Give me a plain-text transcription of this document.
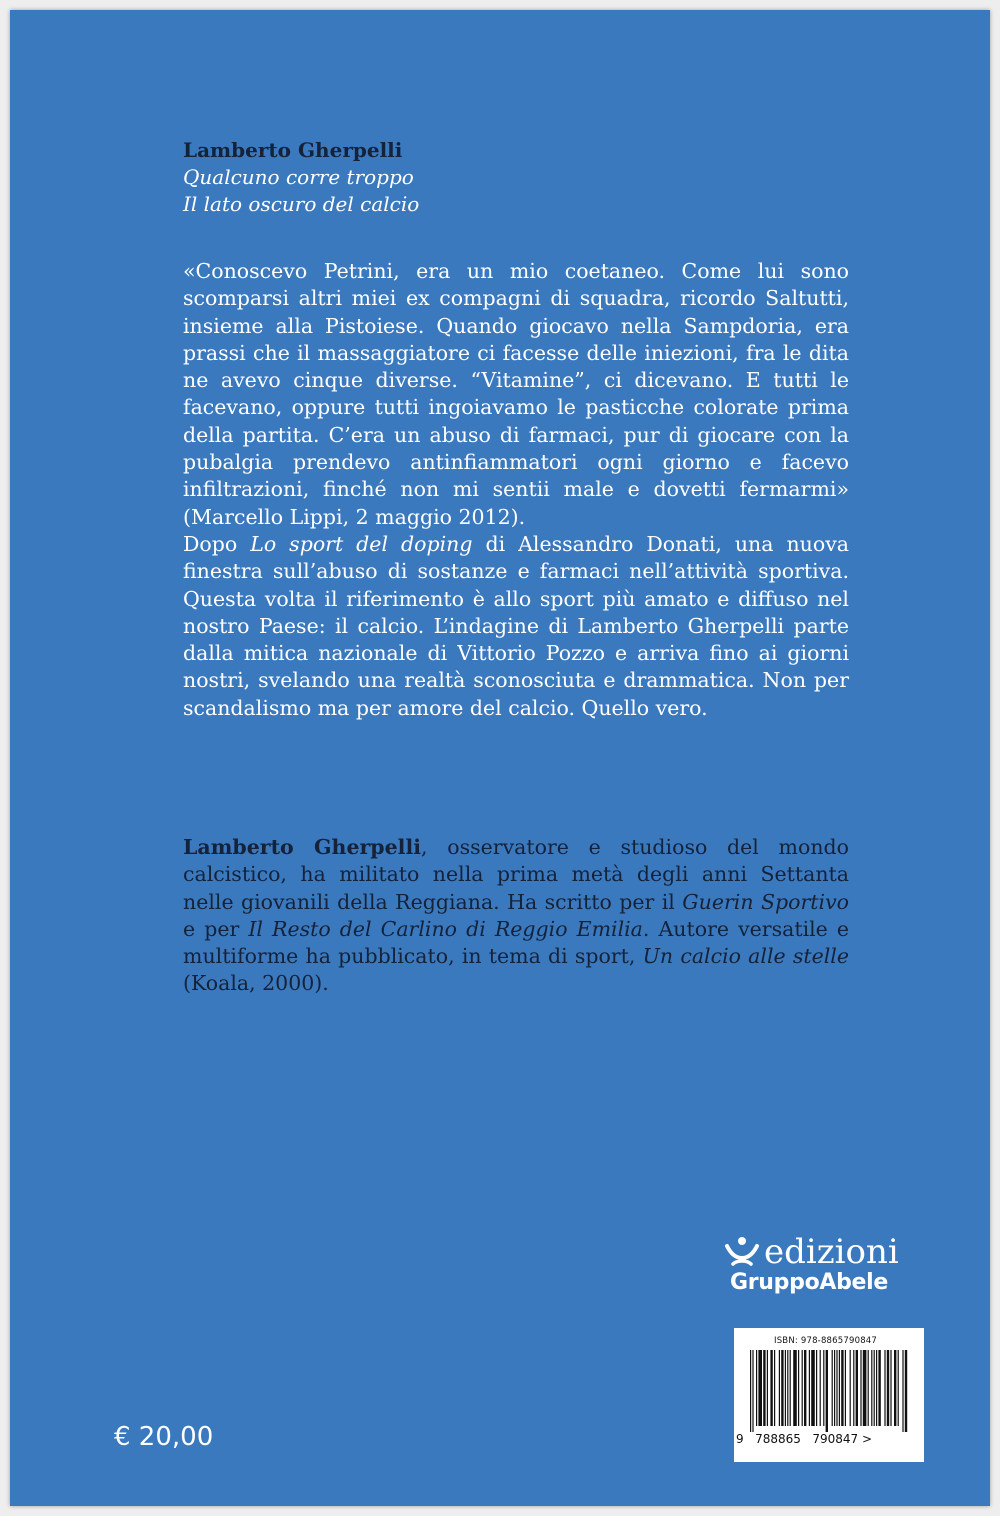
Lamberto Gherpelli
Qualcuno corre troppo
Il lato oscuro del calcio

«Conoscevo Petrini, era un mio coetaneo. Come lui sono scomparsi altri miei ex compagni di squadra, ricordo Saltutti, insieme alla Pistoiese. Quando giocavo nella Sampdoria, era prassi che il massaggiatore ci facesse delle iniezioni, fra le dita ne avevo cinque diverse. “Vitamine”, ci dicevano. E tutti le facevano, oppure tutti ingoiavamo le pasticche colorate prima della partita. C’era un abuso di farmaci, pur di giocare con la pubalgia prendevo antinfiammatori ogni giorno e facevo infiltrazioni, finché non mi sentii male e dovetti fermarmi» (Marcello Lippi, 2 maggio 2012).

Dopo Lo sport del doping di Alessandro Donati, una nuova finestra sull’abuso di sostanze e farmaci nell’attività sportiva. Questa volta il riferimento è allo sport più amato e diffuso nel nostro Paese: il calcio. L’indagine di Lamberto Gherpelli parte dalla mitica nazionale di Vittorio Pozzo e arriva fino ai giorni nostri, svelando una realtà sconosciuta e drammatica. Non per scandalismo ma per amore del calcio. Quello vero.

Lamberto Gherpelli, osservatore e studioso del mondo calcistico, ha militato nella prima metà degli anni Settanta nelle giovanili della Reggiana. Ha scritto per il Guerin Sportivo e per Il Resto del Carlino di Reggio Emilia. Autore versatile e multiforme ha pubblicato, in tema di sport, Un calcio alle stelle (Koala, 2000).

edizioni
GruppoAbele
ISBN: 978-8865790847
9 788865 790847 >
€ 20,00
